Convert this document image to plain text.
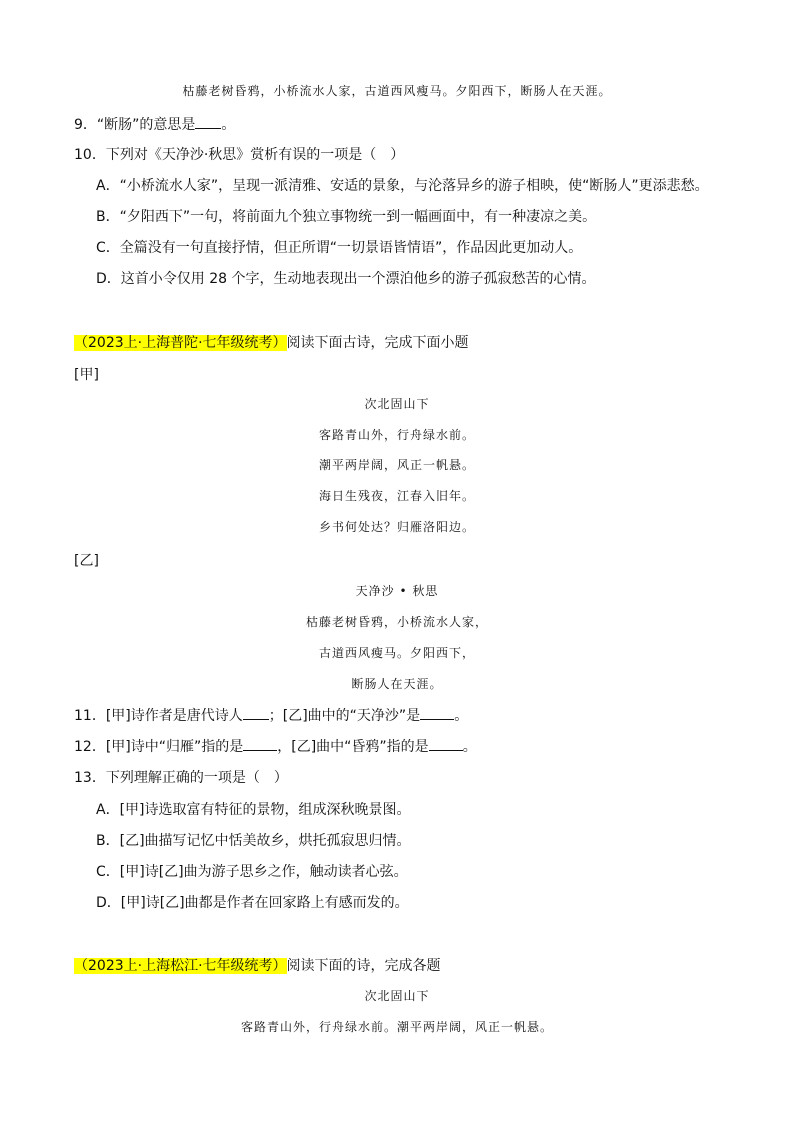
枯藤老树昏鸦，小桥流水人家，古道西风瘦马。夕阳西下，断肠人在天涯。
9．“断肠”的意思是 。
10．下列对《天净沙·秋思》赏析有误的一项是（　）
A．“小桥流水人家”，呈现一派清雅、安适的景象，与沦落异乡的游子相映，使“断肠人”更添悲愁。
B．“夕阳西下”一句，将前面九个独立事物统一到一幅画面中，有一种凄凉之美。
C．全篇没有一句直接抒情，但正所谓“一切景语皆情语”，作品因此更加动人。
D．这首小令仅用 28 个字，生动地表现出一个漂泊他乡的游子孤寂愁苦的心情。
（2023上·上海普陀·七年级统考）阅读下面古诗，完成下面小题
[甲]
次北固山下
客路青山外，行舟绿水前。
潮平两岸阔，风正一帆悬。
海日生残夜，江春入旧年。
乡书何处达？归雁洛阳边。
[乙]
天净沙 • 秋思
枯藤老树昏鸦，小桥流水人家，
古道西风瘦马。夕阳西下，
断肠人在天涯。
11．[甲]诗作者是唐代诗人 ；[乙]曲中的“天净沙”是 。
12．[甲]诗中“归雁”指的是 ，[乙]曲中“昏鸦”指的是 。
13．下列理解正确的一项是（　）
A．[甲]诗选取富有特征的景物，组成深秋晚景图。
B．[乙]曲描写记忆中恬美故乡，烘托孤寂思归情。
C．[甲]诗[乙]曲为游子思乡之作，触动读者心弦。
D．[甲]诗[乙]曲都是作者在回家路上有感而发的。
（2023上·上海松江·七年级统考）阅读下面的诗，完成各题
次北固山下
客路青山外，行舟绿水前。潮平两岸阔，风正一帆悬。
